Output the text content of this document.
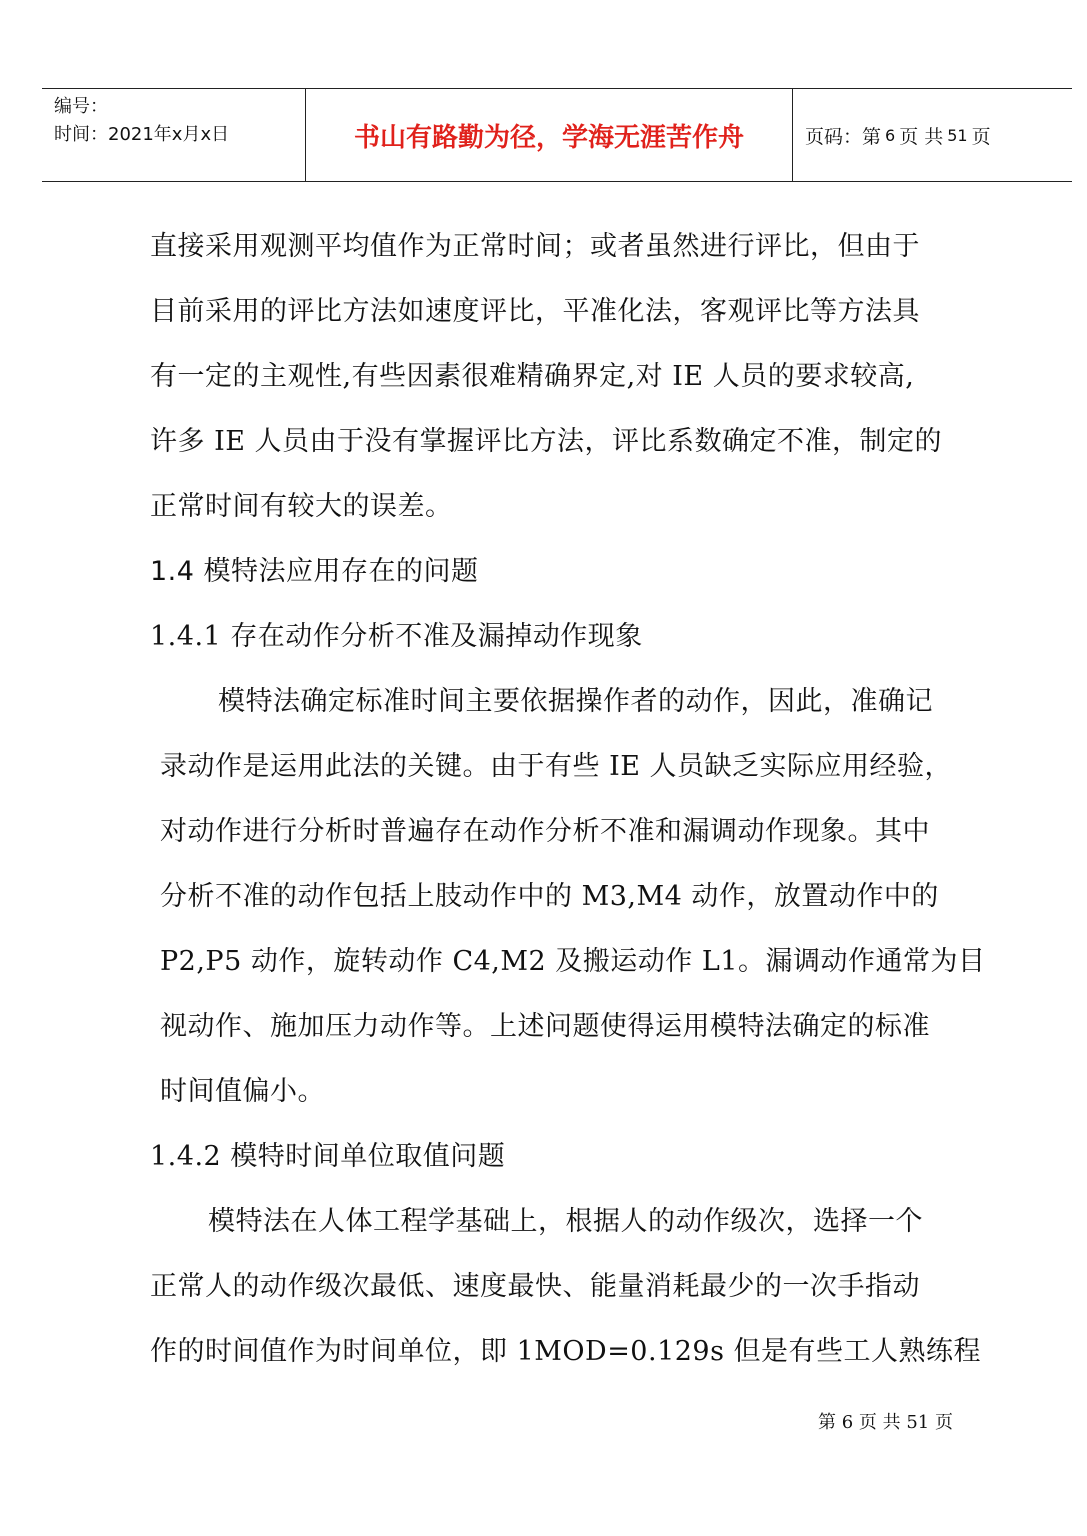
编号：
时间：2021年x月x日	书山有路勤为径，学海无涯苦作舟	页码：第 6 页 共 51 页
直接采用观测平均值作为正常时间；或者虽然进行评比，但由于
目前采用的评比方法如速度评比，平准化法，客观评比等方法具
有一定的主观性,有些因素很难精确界定,对 IE 人员的要求较高,
许多 IE 人员由于没有掌握评比方法，评比系数确定不准，制定的
正常时间有较大的误差。
1.4 模特法应用存在的问题
1.4.1 存在动作分析不准及漏掉动作现象
模特法确定标准时间主要依据操作者的动作，因此，准确记
录动作是运用此法的关键。由于有些 IE 人员缺乏实际应用经验，
对动作进行分析时普遍存在动作分析不准和漏调动作现象。其中
分析不准的动作包括上肢动作中的 M3,M4 动作，放置动作中的
P2,P5 动作，旋转动作 C4,M2 及搬运动作 L1。漏调动作通常为目
视动作、施加压力动作等。上述问题使得运用模特法确定的标准
时间值偏小。
1.4.2 模特时间单位取值问题
模特法在人体工程学基础上，根据人的动作级次，选择一个
正常人的动作级次最低、速度最快、能量消耗最少的一次手指动
作的时间值作为时间单位，即 1MOD=0.129s 但是有些工人熟练程
第 6 页 共 51 页
